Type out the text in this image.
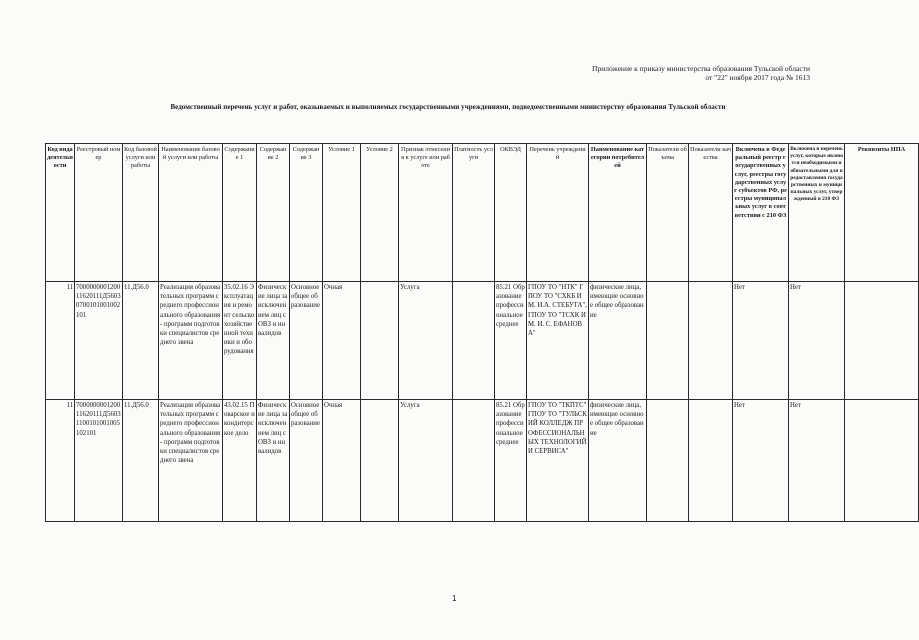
Приложение к приказу министерства образования Тульской области
от "22" ноября 2017 года № 1613
Ведомственный перечень услуг и работ, оказываемых и выполняемых государственными учреждениями, подведомственными министерству образования Тульской области
Код вида деятельности	Реестровый номер	Код базовой услуги или работы	Наименование базовой услуги или работы	Содержание 1	Содержание 2	Содержание 3	Условие 1	Условие 2	Признак отнесения к услуге или работе	Платность услуги	ОКВЭД	Перечень учреждений	Наименование категории потребителей	Показатели объема	Показатели качества	Включена в Федеральный реестр государственных услуг, реестры государственных услуг субъектов РФ, реестры муниципальных услуг в соответствии с 210 ФЗ	Включена в перечень услуг, которые являются необходимыми и обязательными для предоставления государственных и муниципальных услуг, утвержденный в 210 ФЗ	Реквизиты НПА
11	700000000120011620111Д56030700101001002101	11.Д56.0	Реализация образовательных программ среднего профессионального образования - программ подготовки специалистов среднего звена	35.02.16 Эксплуатация и ремонт сельскохозяйственной техники и оборудования	Физические лица за исключением лиц с ОВЗ и инвалидов	Основное общее образование	Очная		Услуга		85.21 Образование профессиональное среднее	ГПОУ ТО "НТК" ГПОУ ТО "СХКБ ИМ. И.А. СТЕБУТА",ГПОУ ТО "ТСХК ИМ. И. С. ЕФАНОВА"	физические лица, имеющие основное общее образование			Нет	Нет	
11	700000000120011620111Д56031100101001005102101	11.Д56.0	Реализация образовательных программ среднего профессионального образования - программ подготовки специалистов среднего звена	43.02.15 Поварское и кондитерское дело	Физические лица за исключением лиц с ОВЗ и инвалидов	Основное общее образование	Очная		Услуга		85.21 Образование профессиональное среднее	ГПОУ ТО "ТКПТС" ГПОУ ТО "ТУЛЬСКИЙ КОЛЛЕДЖ ПРОФЕССИОНАЛЬНЫХ ТЕХНОЛОГИЙ И СЕРВИСА"	физические лица, имеющие основное общее образование			Нет	Нет	
1
